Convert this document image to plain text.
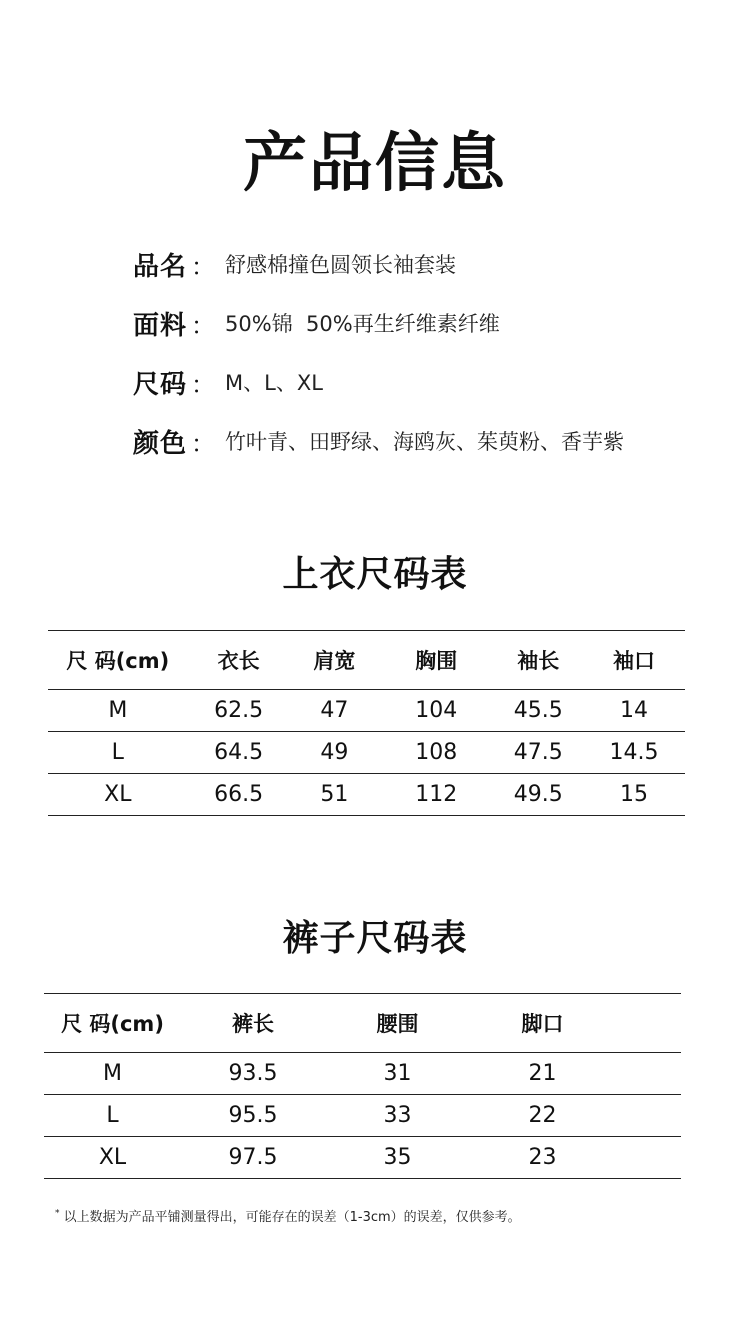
产品信息
品名 ： 舒感棉撞色圆领长袖套装
面料 ： 50%锦  50%再生纤维素纤维
尺码 ： M、L、XL
颜色 ： 竹叶青、田野绿、海鸥灰、茱萸粉、香芋紫
上衣尺码表
尺 码(cm)	衣长	肩宽	胸围	袖长	袖口
M	62.5	47	104	45.5	14
L	64.5	49	108	47.5	14.5
XL	66.5	51	112	49.5	15
裤子尺码表
尺 码(cm)	裤长	腰围	脚口	
M	93.5	31	21	
L	95.5	33	22	
XL	97.5	35	23	
* 以上数据为产品平铺测量得出，可能存在的误差（1-3cm）的误差，仅供参考。
